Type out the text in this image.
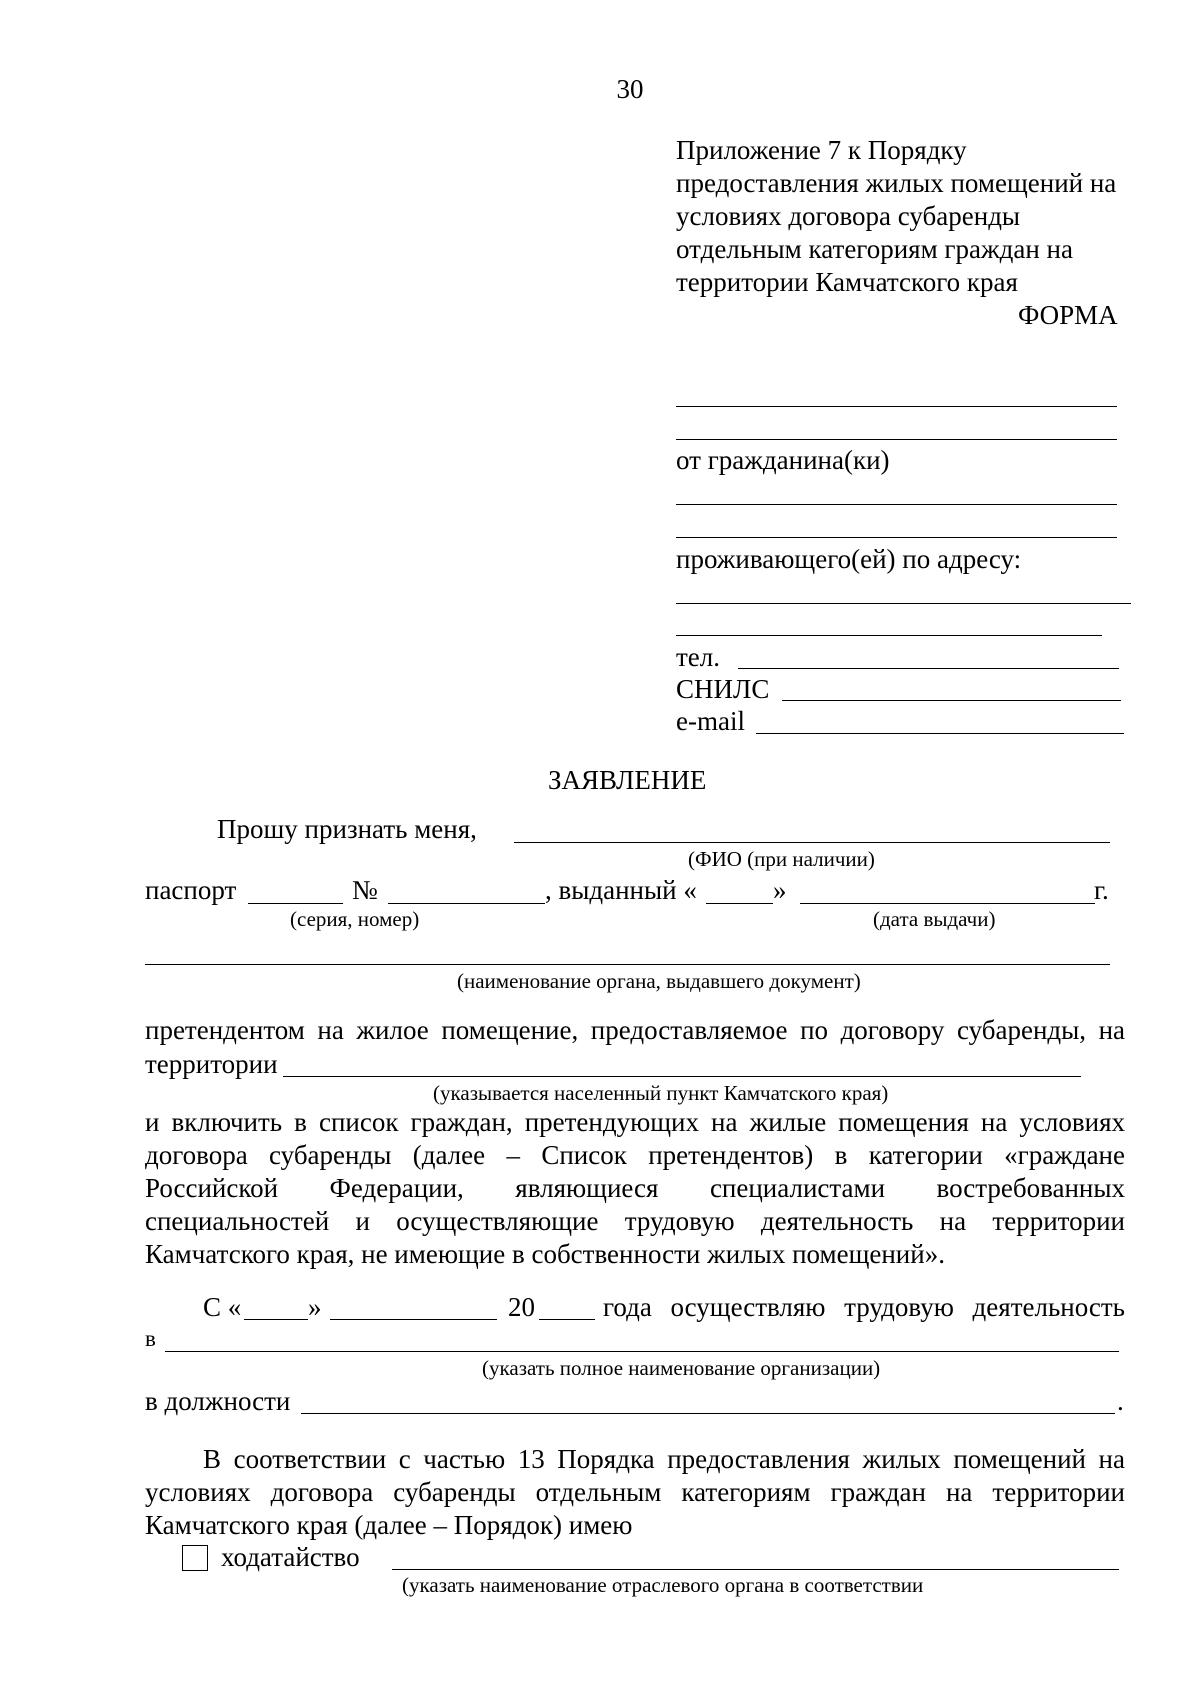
30
Приложение 7 к Порядку
предоставления жилых помещений на
условиях договора субаренды
отдельным категориям граждан на
территории Камчатского края
ФОРМА
от гражданина(ки)
проживающего(ей) по адресу:
тел.
СНИЛС
e-mail
ЗАЯВЛЕНИЕ
Прошу признать меня,
(ФИО (при наличии)
паспорт	№	, выданный «	»	г.
(серия, номер)	(дата выдачи)
(наименование органа, выдавшего документ)
претендентом на жилое помещение, предоставляемое по договору субаренды, на
территории
(указывается населенный пункт Камчатского края)
и включить в список граждан, претендующих на жилые помещения на условиях
договора субаренды (далее – Список претендентов) в категории «граждане
Российской Федерации, являющиеся специалистами востребованных
специальностей и осуществляющие трудовую деятельность на территории
Камчатского края, не имеющие в собственности жилых помещений».
С « »	20	года осуществляю трудовую деятельность
в
(указать полное наименование организации)
в должности	.
В соответствии с частью 13 Порядка предоставления жилых помещений на
условиях договора субаренды отдельным категориям граждан на территории
Камчатского края (далее – Порядок) имею
ходатайство
(указать наименование отраслевого органа в соответствии
